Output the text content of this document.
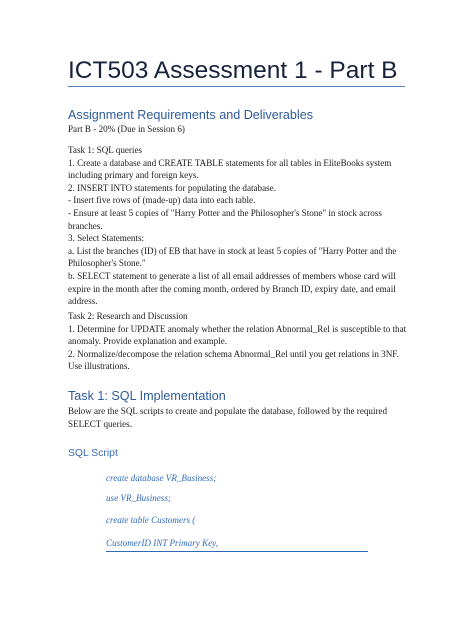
ICT503 Assessment 1 - Part B
Assignment Requirements and Deliverables
Part B - 20% (Due in Session 6)
Task 1: SQL queries
1. Create a database and CREATE TABLE statements for all tables in EliteBooks system
including primary and foreign keys.
2. INSERT INTO statements for populating the database.
- Insert five rows of (made-up) data into each table.
- Ensure at least 5 copies of "Harry Potter and the Philosopher's Stone" in stock across
branches.
3. Select Statements:
a. List the branches (ID) of EB that have in stock at least 5 copies of "Harry Potter and the
Philosopher's Stone."
b. SELECT statement to generate a list of all email addresses of members whose card will
expire in the month after the coming month, ordered by Branch ID, expiry date, and email
address.
Task 2: Research and Discussion
1. Determine for UPDATE anomaly whether the relation Abnormal_Rel is susceptible to that
anomaly. Provide explanation and example.
2. Normalize/decompose the relation schema Abnormal_Rel until you get relations in 3NF.
Use illustrations.
Task 1: SQL Implementation
Below are the SQL scripts to create and populate the database, followed by the required
SELECT queries.
SQL Script
create database VR_Business;
use VR_Business;
create table Customers (
CustomerID INT Primary Key,
